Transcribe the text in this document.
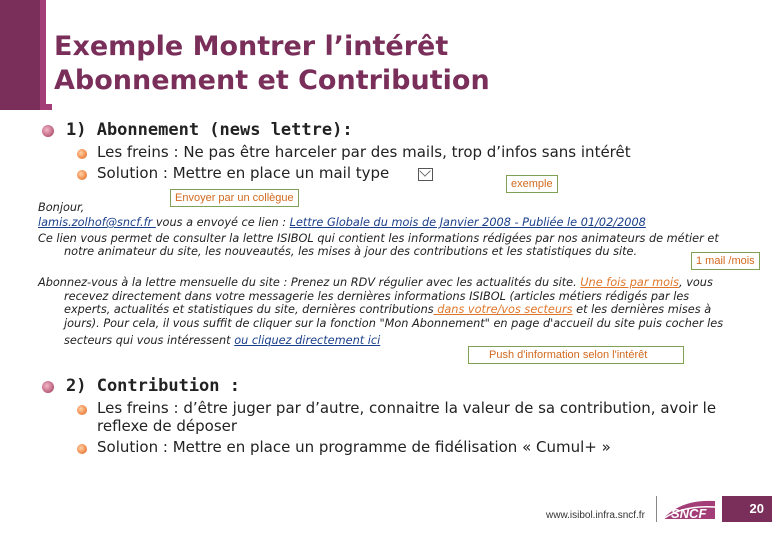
Exemple Montrer l’intérêt
Abonnement et Contribution
1) Abonnement (news lettre):
Les freins : Ne pas être harceler par des mails, trop d’infos sans intérêt
Solution : Mettre en place un mail type
exemple
Envoyer par un collègue
Bonjour,
lamis.zolhof@sncf.fr vous a envoyé ce lien : Lettre Globale du mois de Janvier 2008 - Publiée le 01/02/2008
Ce lien vous permet de consulter la lettre ISIBOL qui contient les informations rédigées par nos animateurs de métier et
notre animateur du site, les nouveautés, les mises à jour des contributions et les statistiques du site.
1 mail /mois
Abonnez-vous à la lettre mensuelle du site : Prenez un RDV régulier avec les actualités du site. Une fois par mois, vous
recevez directement dans votre messagerie les dernières informations ISIBOL (articles métiers rédigés par les
experts, actualités et statistiques du site, dernières contributions dans votre/vos secteurs et les dernières mises à
jours). Pour cela, il vous suffit de cliquer sur la fonction "Mon Abonnement" en page d'accueil du site puis cocher les
secteurs qui vous intéressent ou cliquez directement ici
Push d'information selon l'intérêt
2) Contribution :
Les freins : d’être juger par d’autre, connaitre la valeur de sa contribution, avoir le
reflexe de déposer
Solution : Mettre en place un programme de fidélisation « Cumul+ »
www.isibol.infra.sncf.fr SNCF	20
